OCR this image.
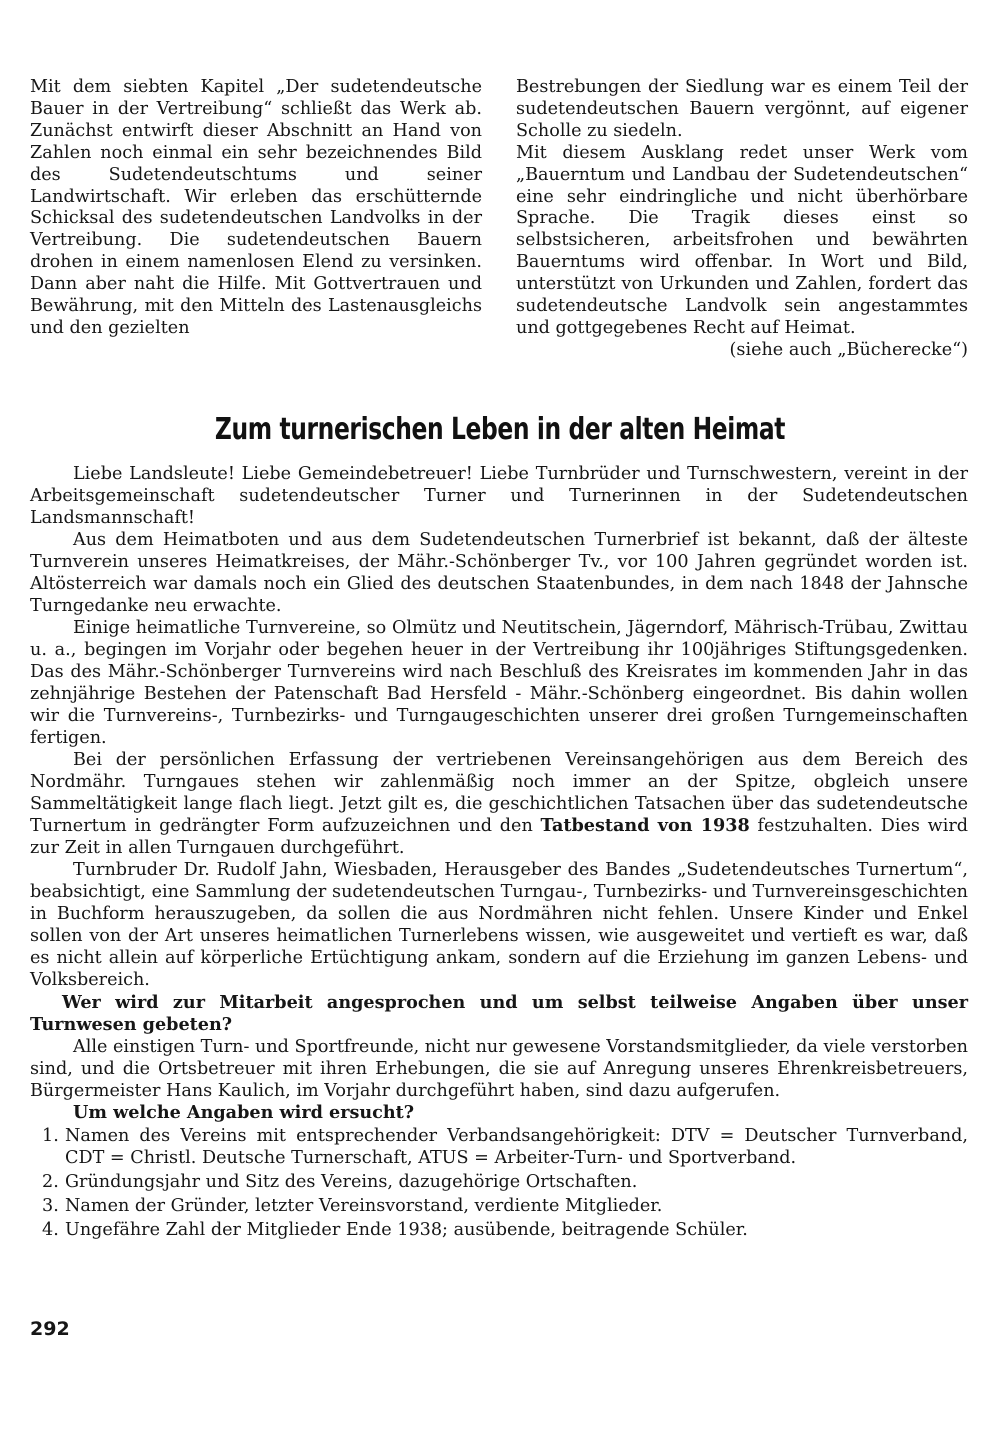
Mit dem siebten Kapitel „Der sudetendeutsche Bauer in der Vertreibung“ schließt das Werk ab. Zunächst entwirft dieser Abschnitt an Hand von Zahlen noch einmal ein sehr bezeichnendes Bild des Sudetendeutschtums und seiner Landwirtschaft. Wir erleben das erschütternde Schicksal des sudetendeutschen Landvolks in der Vertreibung. Die sudetendeutschen Bauern drohen in einem namenlosen Elend zu versinken. Dann aber naht die Hilfe. Mit Gottvertrauen und Bewährung, mit den Mitteln des Lastenausgleichs und den gezielten

Bestrebungen der Siedlung war es einem Teil der sudetendeutschen Bauern vergönnt, auf eigener Scholle zu siedeln.

Mit diesem Ausklang redet unser Werk vom „Bauerntum und Landbau der Sudetendeutschen“ eine sehr eindringliche und nicht überhörbare Sprache. Die Tragik dieses einst so selbstsicheren, arbeitsfrohen und bewährten Bauerntums wird offenbar. In Wort und Bild, unterstützt von Urkunden und Zahlen, fordert das sudetendeutsche Landvolk sein angestammtes und gottgegebenes Recht auf Heimat.

(siehe auch „Bücherecke“)

Zum turnerischen Leben in der alten Heimat

Liebe Landsleute! Liebe Gemeindebetreuer! Liebe Turnbrüder und Turnschwestern, vereint in der Arbeitsgemeinschaft sudetendeutscher Turner und Turnerinnen in der Sudetendeutschen Landsmannschaft!

Aus dem Heimatboten und aus dem Sudetendeutschen Turnerbrief ist bekannt, daß der älteste Turnverein unseres Heimatkreises, der Mähr.-Schönberger Tv., vor 100 Jahren gegründet worden ist. Altösterreich war damals noch ein Glied des deutschen Staatenbundes, in dem nach 1848 der Jahnsche Turngedanke neu erwachte.

Einige heimatliche Turnvereine, so Olmütz und Neutitschein, Jägerndorf, Mährisch-Trübau, Zwittau u. a., begingen im Vorjahr oder begehen heuer in der Vertreibung ihr 100jähriges Stiftungsgedenken. Das des Mähr.-Schönberger Turnvereins wird nach Beschluß des Kreisrates im kommenden Jahr in das zehnjährige Bestehen der Patenschaft Bad Hersfeld - Mähr.-Schönberg eingeordnet. Bis dahin wollen wir die Turnvereins-, Turnbezirks- und Turngaugeschichten unserer drei großen Turngemeinschaften fertigen.

Bei der persönlichen Erfassung der vertriebenen Vereinsangehörigen aus dem Bereich des Nordmähr. Turngaues stehen wir zahlenmäßig noch immer an der Spitze, obgleich unsere Sammeltätigkeit lange flach liegt. Jetzt gilt es, die geschichtlichen Tatsachen über das sudetendeutsche Turnertum in gedrängter Form aufzuzeichnen und den Tatbestand von 1938 festzuhalten. Dies wird zur Zeit in allen Turngauen durchgeführt.

Turnbruder Dr. Rudolf Jahn, Wiesbaden, Herausgeber des Bandes „Sudetendeutsches Turnertum“, beabsichtigt, eine Sammlung der sudetendeutschen Turngau-, Turnbezirks- und Turnvereinsgeschichten in Buchform herauszugeben, da sollen die aus Nordmähren nicht fehlen. Unsere Kinder und Enkel sollen von der Art unseres heimatlichen Turnerlebens wissen, wie ausgeweitet und vertieft es war, daß es nicht allein auf körperliche Ertüchtigung ankam, sondern auf die Erziehung im ganzen Lebens- und Volksbereich.

Wer wird zur Mitarbeit angesprochen und um selbst teilweise Angaben über unser Turnwesen gebeten?

Alle einstigen Turn- und Sportfreunde, nicht nur gewesene Vorstandsmitglieder, da viele verstorben sind, und die Ortsbetreuer mit ihren Erhebungen, die sie auf Anregung unseres Ehrenkreisbetreuers, Bürgermeister Hans Kaulich, im Vorjahr durchgeführt haben, sind dazu aufgerufen.

Um welche Angaben wird ersucht?

1. Namen des Vereins mit entsprechender Verbandsangehörigkeit: DTV = Deutscher Turnverband, CDT = Christl. Deutsche Turnerschaft, ATUS = Arbeiter-Turn- und Sportverband.
2. Gründungsjahr und Sitz des Vereins, dazugehörige Ortschaften.
3. Namen der Gründer, letzter Vereinsvorstand, verdiente Mitglieder.
4. Ungefähre Zahl der Mitglieder Ende 1938; ausübende, beitragende Schüler.
292
